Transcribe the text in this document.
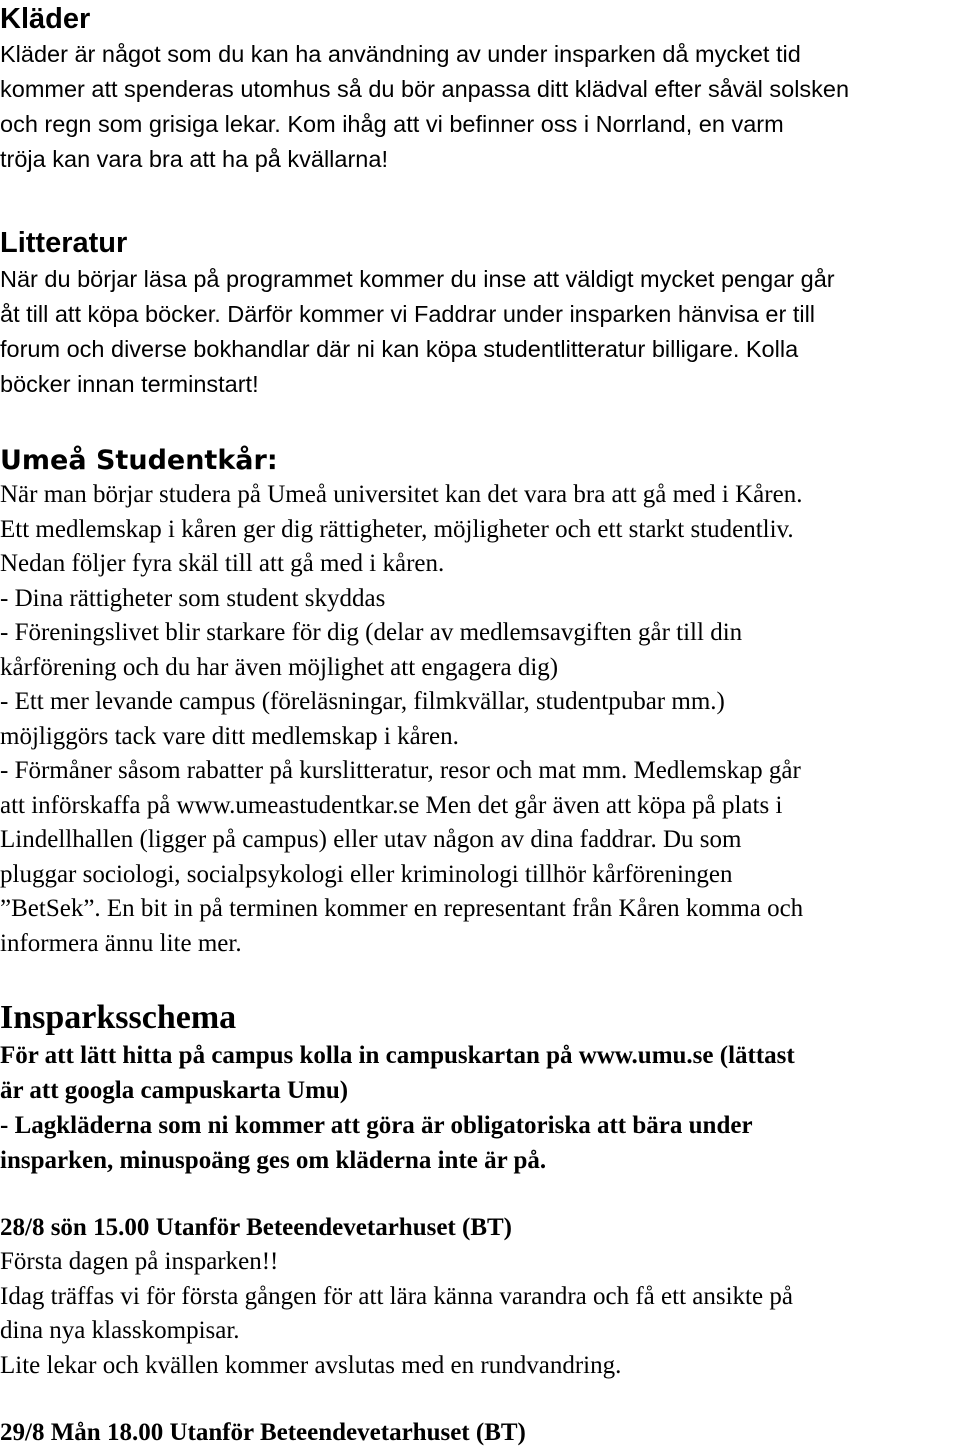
Kläder

Kläder är något som du kan ha användning av under insparken då mycket tid
kommer att spenderas utomhus så du bör anpassa ditt klädval efter såväl solsken
och regn som grisiga lekar. Kom ihåg att vi befinner oss i Norrland, en varm
tröja kan vara bra att ha på kvällarna!

Litteratur

När du börjar läsa på programmet kommer du inse att väldigt mycket pengar går
åt till att köpa böcker. Därför kommer vi Faddrar under insparken hänvisa er till
forum och diverse bokhandlar där ni kan köpa studentlitteratur billigare. Kolla
böcker innan terminstart!

Umeå Studentkår:

När man börjar studera på Umeå universitet kan det vara bra att gå med i Kåren.
Ett medlemskap i kåren ger dig rättigheter, möjligheter och ett starkt studentliv.
Nedan följer fyra skäl till att gå med i kåren.
- Dina rättigheter som student skyddas
- Föreningslivet blir starkare för dig (delar av medlemsavgiften går till din
kårförening och du har även möjlighet att engagera dig)
- Ett mer levande campus (föreläsningar, filmkvällar, studentpubar mm.)
möjliggörs tack vare ditt medlemskap i kåren.
- Förmåner såsom rabatter på kurslitteratur, resor och mat mm. Medlemskap går
att införskaffa på www.umeastudentkar.se Men det går även att köpa på plats i
Lindellhallen (ligger på campus) eller utav någon av dina faddrar. Du som
pluggar sociologi, socialpsykologi eller kriminologi tillhör kårföreningen
”BetSek”. En bit in på terminen kommer en representant från Kåren komma och
informera ännu lite mer.

Insparksschema

För att lätt hitta på campus kolla in campuskartan på www.umu.se (lättast
är att googla campuskarta Umu)
- Lagkläderna som ni kommer att göra är obligatoriska att bära under
insparken, minuspoäng ges om kläderna inte är på.

28/8 sön 15.00 Utanför Beteendevetarhuset (BT)

Första dagen på insparken!!
Idag träffas vi för första gången för att lära känna varandra och få ett ansikte på
dina nya klasskompisar.
Lite lekar och kvällen kommer avslutas med en rundvandring.

29/8 Mån 18.00 Utanför Beteendevetarhuset (BT)
